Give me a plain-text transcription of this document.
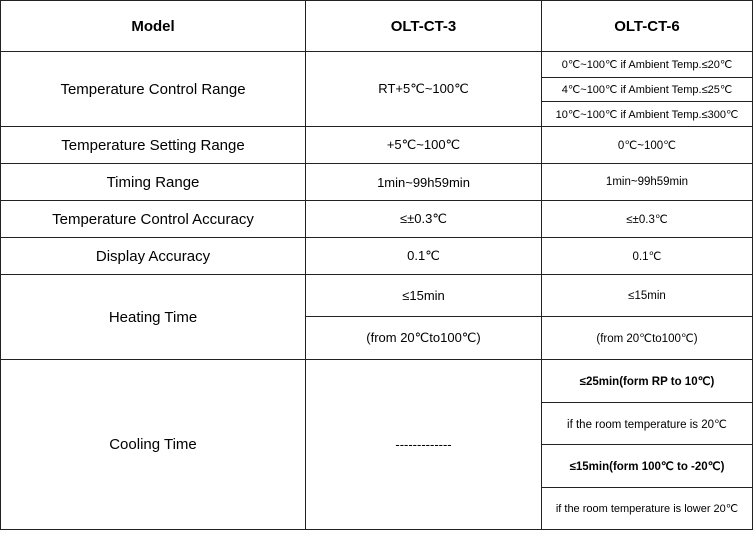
Model	OLT-CT-3	OLT-CT-6
Temperature Control Range	RT+5℃~100℃	0℃~100℃ if Ambient Temp.≤20℃
		4℃~100℃ if Ambient Temp.≤25℃
		10℃~100℃ if Ambient Temp.≤300℃
Temperature Setting Range	+5℃~100℃	0℃~100℃
Timing Range	1min~99h59min	1min~99h59min
Temperature Control Accuracy	≤±0.3℃	≤±0.3℃
Display Accuracy	0.1℃	0.1℃
Heating Time	≤15min	≤15min
	(from 20℃to100℃)	(from 20℃to100℃)
Cooling Time	-------------	≤25min(form RP to 10℃)
		if the room temperature is 20℃
		≤15min(form 100℃ to -20℃)
		if the room temperature is lower 20℃
